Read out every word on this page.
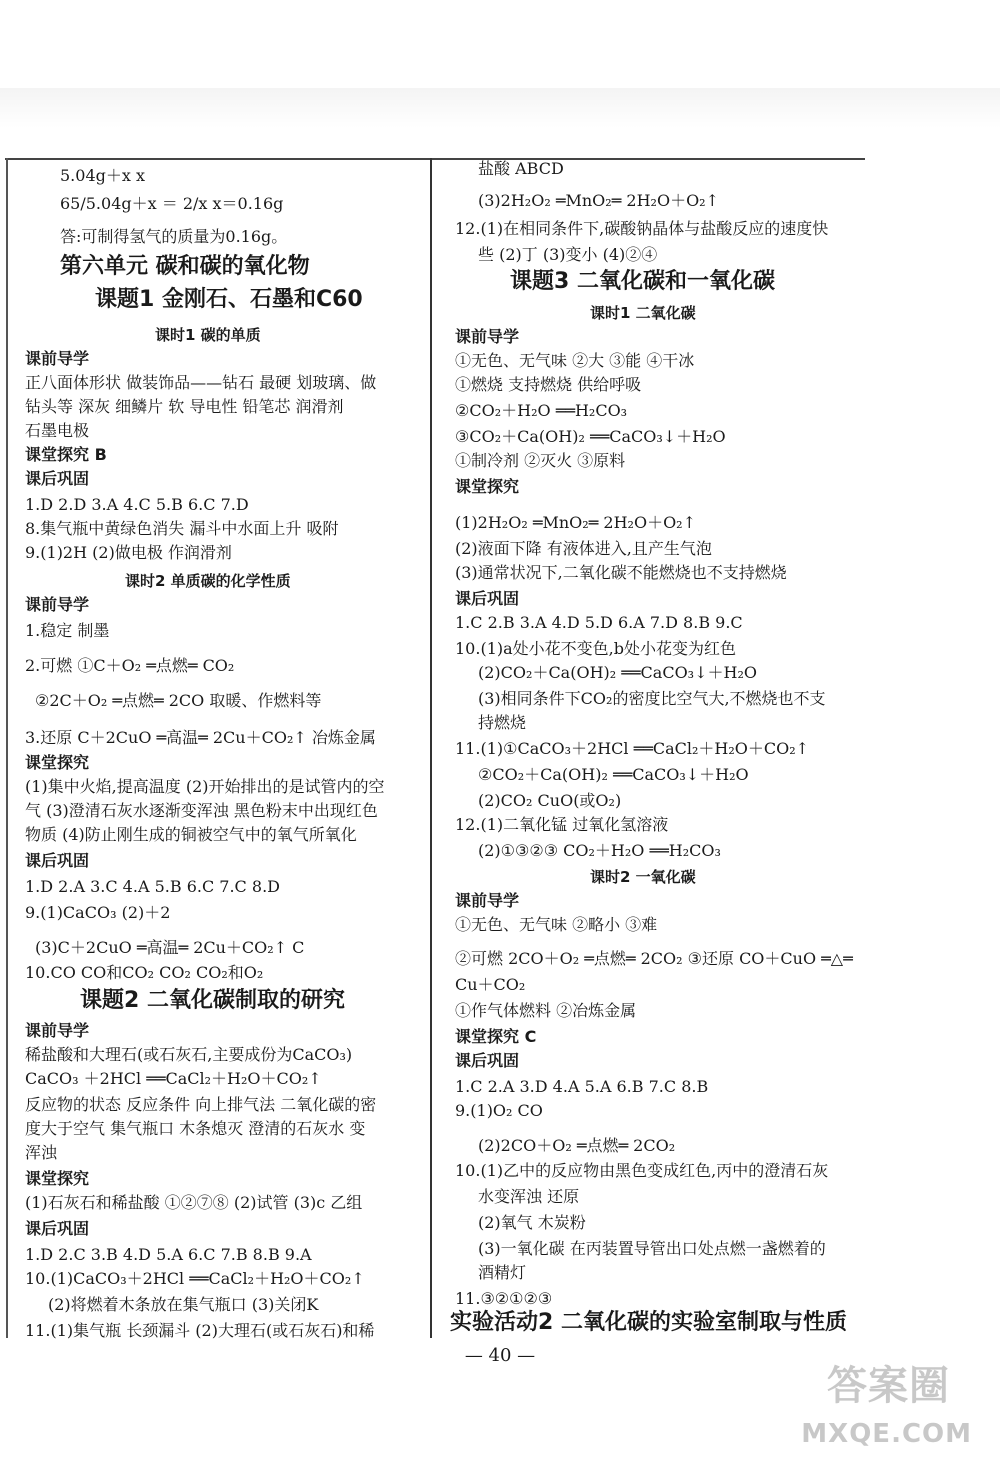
5.04g＋x x
65/5.04g＋x ＝ 2/x x＝0.16g
答:可制得氢气的质量为0.16g。
第六单元 碳和碳的氧化物
课题1 金刚石、石墨和C60
课时1 碳的单质
课前导学
正八面体形状 做装饰品——钻石 最硬 划玻璃、做
钻头等 深灰 细鳞片 软 导电性 铅笔芯 润滑剂
石墨电极
课堂探究 B
课后巩固
1.D 2.D 3.A 4.C 5.B 6.C 7.D
8.集气瓶中黄绿色消失 漏斗中水面上升 吸附
9.(1)2H (2)做电极 作润滑剂
课时2 单质碳的化学性质
课前导学
1.稳定 制墨
2.可燃 ①C＋O₂ ═点燃═ CO₂
②2C＋O₂ ═点燃═ 2CO 取暖、作燃料等
3.还原 C＋2CuO ═高温═ 2Cu＋CO₂↑ 冶炼金属
课堂探究
(1)集中火焰,提高温度 (2)开始排出的是试管内的空
气 (3)澄清石灰水逐渐变浑浊 黑色粉末中出现红色
物质 (4)防止刚生成的铜被空气中的氧气所氧化
课后巩固
1.D 2.A 3.C 4.A 5.B 6.C 7.C 8.D
9.(1)CaCO₃ (2)＋2
(3)C＋2CuO ═高温═ 2Cu＋CO₂↑ C
10.CO CO和CO₂ CO₂ CO₂和O₂
课题2 二氧化碳制取的研究
课前导学
稀盐酸和大理石(或石灰石,主要成份为CaCO₃)
CaCO₃ ＋2HCl ══CaCl₂＋H₂O＋CO₂↑
反应物的状态 反应条件 向上排气法 二氧化碳的密
度大于空气 集气瓶口 木条熄灭 澄清的石灰水 变
浑浊
课堂探究
(1)石灰石和稀盐酸 ①②⑦⑧ (2)试管 (3)c 乙组
课后巩固
1.D 2.C 3.B 4.D 5.A 6.C 7.B 8.B 9.A
10.(1)CaCO₃＋2HCl ══CaCl₂＋H₂O＋CO₂↑
(2)将燃着木条放在集气瓶口 (3)关闭K
11.(1)集气瓶 长颈漏斗 (2)大理石(或石灰石)和稀
盐酸 ABCD
(3)2H₂O₂ ═MnO₂═ 2H₂O＋O₂↑
12.(1)在相同条件下,碳酸钠晶体与盐酸反应的速度快
些 (2)丁 (3)变小 (4)②④
课题3 二氧化碳和一氧化碳
课时1 二氧化碳
课前导学
①无色、无气味 ②大 ③能 ④干冰
①燃烧 支持燃烧 供给呼吸
②CO₂＋H₂O ══H₂CO₃
③CO₂＋Ca(OH)₂ ══CaCO₃↓＋H₂O
①制冷剂 ②灭火 ③原料
课堂探究
(1)2H₂O₂ ═MnO₂═ 2H₂O＋O₂↑
(2)液面下降 有液体进入,且产生气泡
(3)通常状况下,二氧化碳不能燃烧也不支持燃烧
课后巩固
1.C 2.B 3.A 4.D 5.D 6.A 7.D 8.B 9.C
10.(1)a处小花不变色,b处小花变为红色
(2)CO₂＋Ca(OH)₂ ══CaCO₃↓＋H₂O
(3)相同条件下CO₂的密度比空气大,不燃烧也不支
持燃烧
11.(1)①CaCO₃＋2HCl ══CaCl₂＋H₂O＋CO₂↑
②CO₂＋Ca(OH)₂ ══CaCO₃↓＋H₂O
(2)CO₂ CuO(或O₂)
12.(1)二氧化锰 过氧化氢溶液
(2)①③②③ CO₂＋H₂O ══H₂CO₃
课时2 一氧化碳
课前导学
①无色、无气味 ②略小 ③难
②可燃 2CO＋O₂ ═点燃═ 2CO₂ ③还原 CO＋CuO ═△═
Cu＋CO₂
①作气体燃料 ②冶炼金属
课堂探究 C
课后巩固
1.C 2.A 3.D 4.A 5.A 6.B 7.C 8.B
9.(1)O₂ CO
(2)2CO＋O₂ ═点燃═ 2CO₂
10.(1)乙中的反应物由黑色变成红色,丙中的澄清石灰
水变浑浊 还原
(2)氧气 木炭粉
(3)一氧化碳 在丙装置导管出口处点燃一盏燃着的
酒精灯
11.③②①②③
实验活动2 二氧化碳的实验室制取与性质
— 40 —
答案圈
MXQE.COM
